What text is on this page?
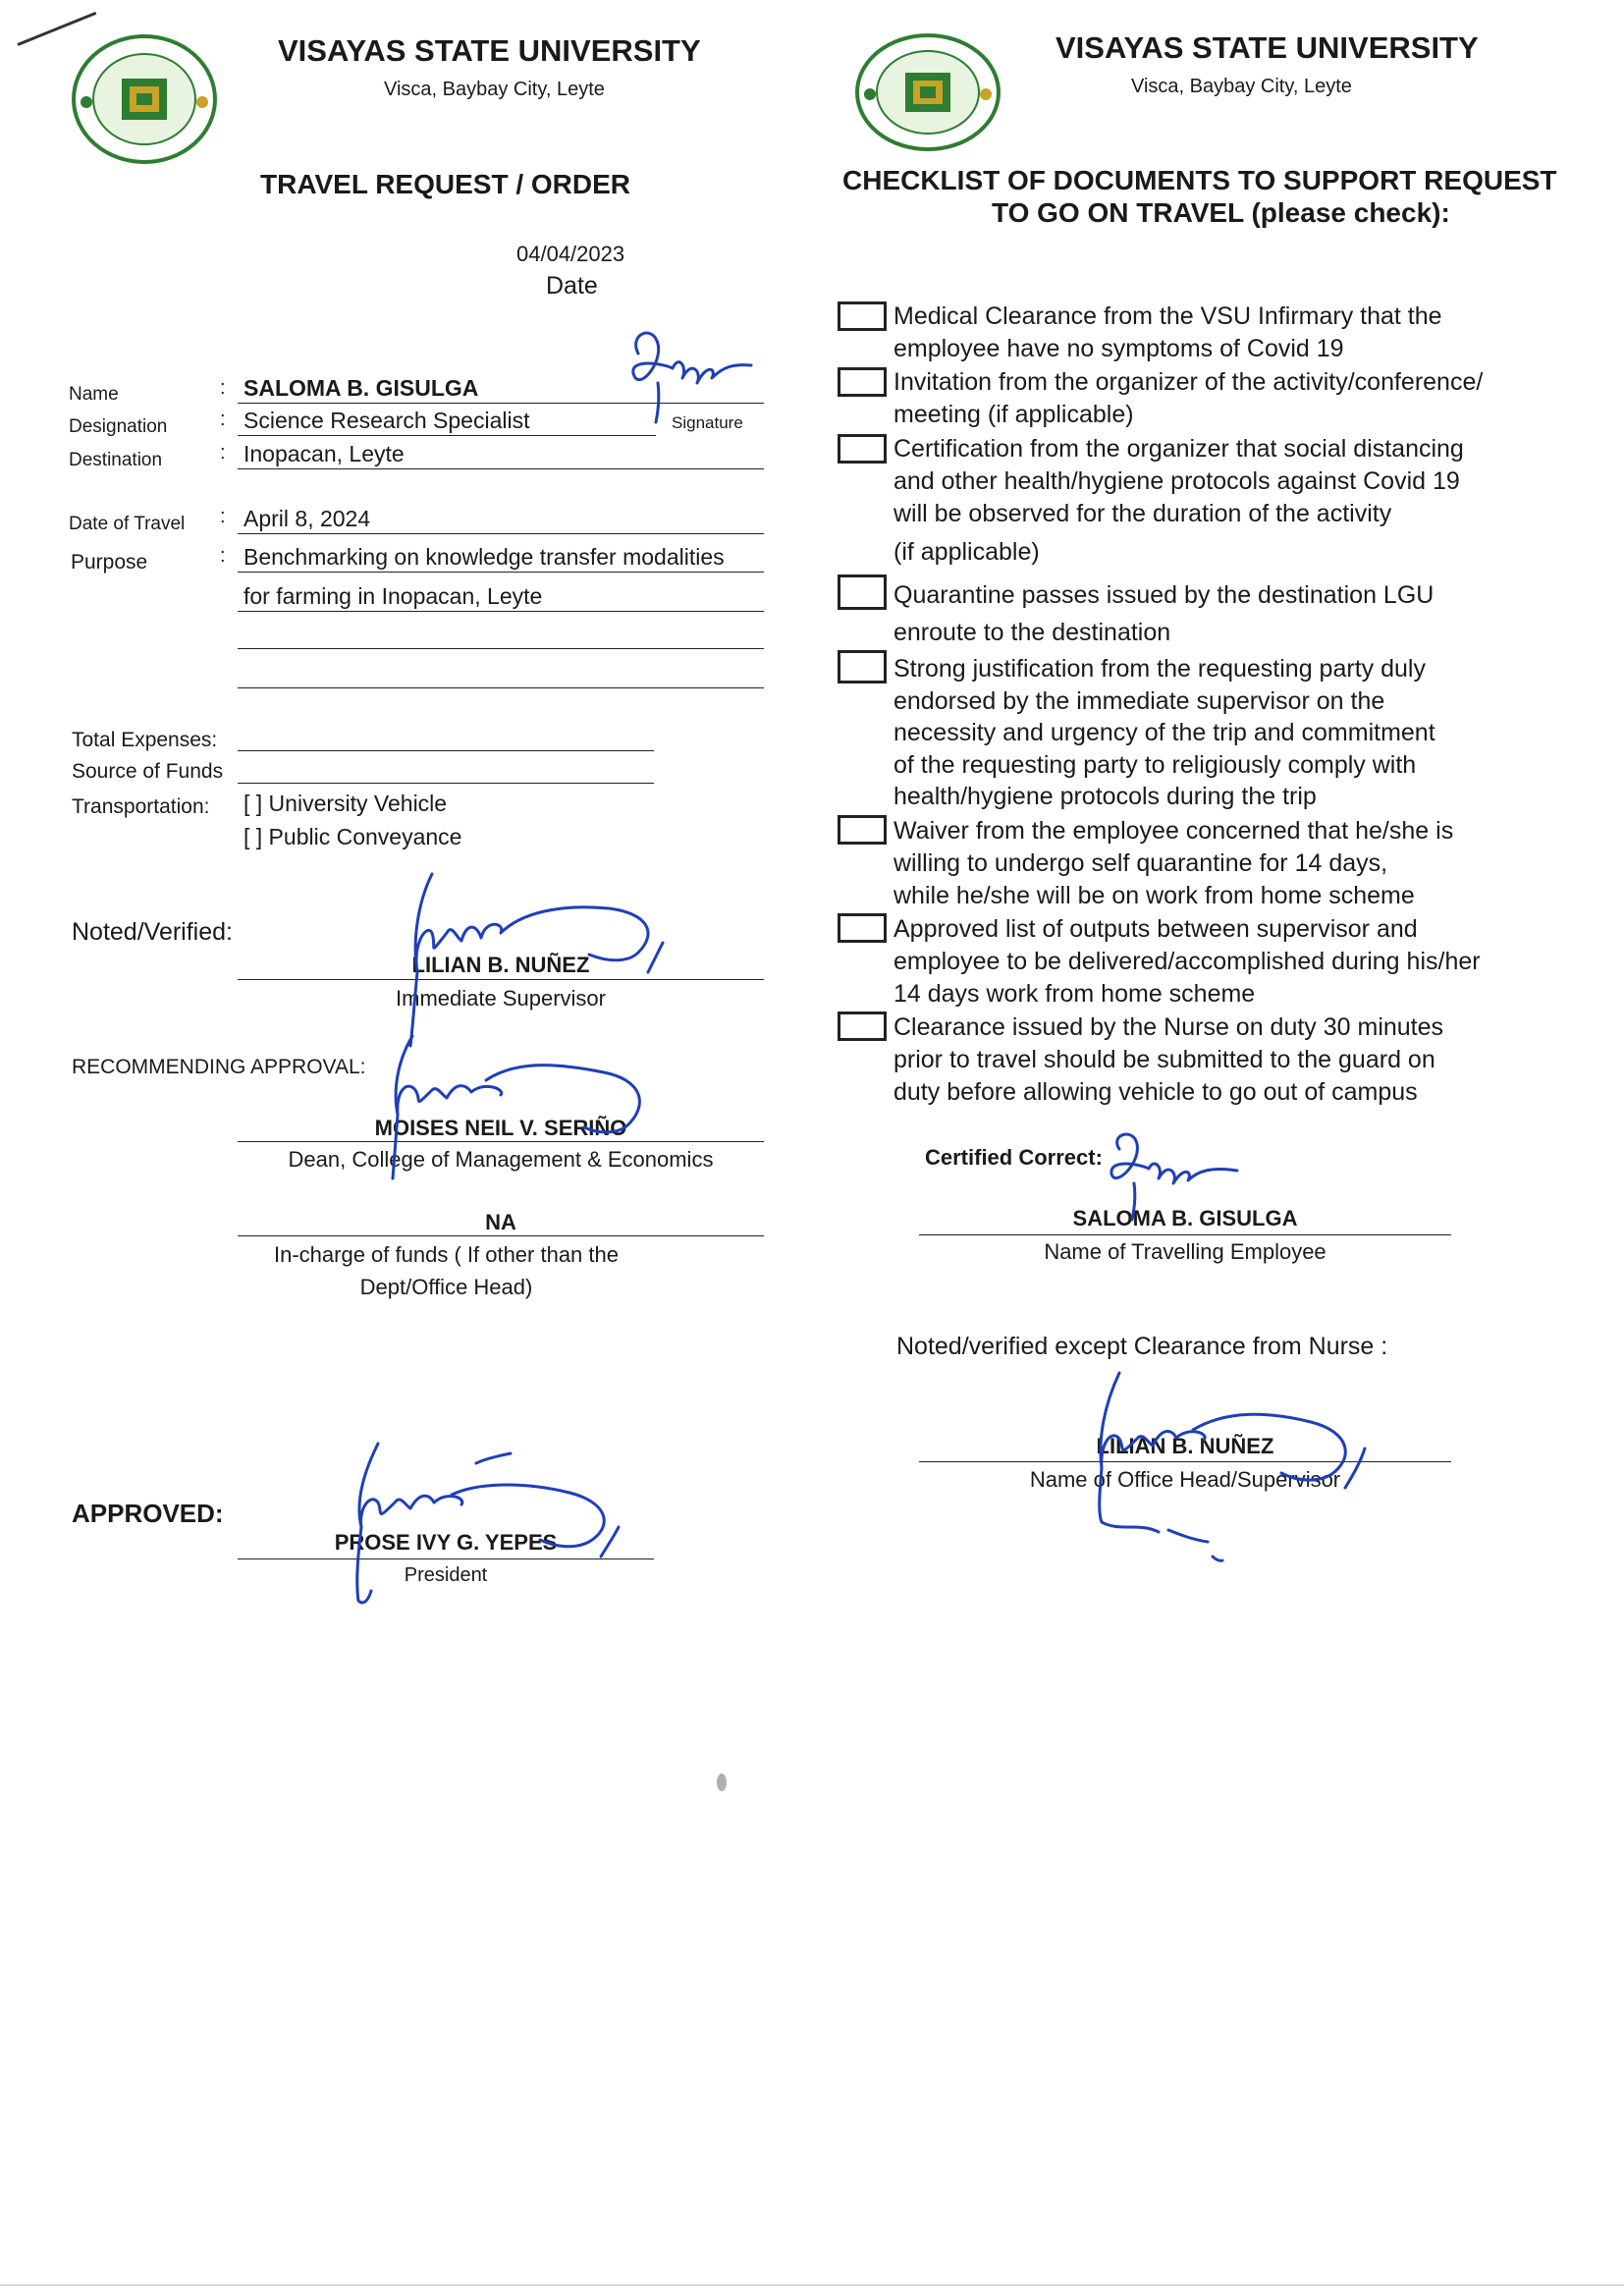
VISAYAS STATE UNIVERSITY
Visca, Baybay City, Leyte
TRAVEL REQUEST / ORDER
04/04/2023
Date
Name	: SALOMA B. GISULGA
Signature
Designation	: Science Research Specialist
Destination	: Inopacan, Leyte
Date of Travel : April 8, 2024
Purpose	: Benchmarking on knowledge transfer modalities
for farming in Inopacan, Leyte
Total Expenses:
Source of Funds
Transportation: [ ] University Vehicle
[ ] Public Conveyance
Noted/Verified:
LILIAN B. NUÑEZ
Immediate Supervisor
RECOMMENDING APPROVAL:
MOISES NEIL V. SERIÑO
Dean, College of Management & Economics
NA
In-charge of funds ( If other than the
Dept/Office Head)
APPROVED:
PROSE IVY G. YEPES
President
VISAYAS STATE UNIVERSITY
Visca, Baybay City, Leyte
CHECKLIST OF DOCUMENTS TO SUPPORT REQUEST
TO GO ON TRAVEL (please check):
Medical Clearance from the VSU Infirmary that the
employee have no symptoms of Covid 19
Invitation from the organizer of the activity/conference/
meeting (if applicable)
Certification from the organizer that social distancing
and other health/hygiene protocols against Covid 19
will be observed for the duration of the activity
(if applicable)
Quarantine passes issued by the destination LGU
enroute to the destination
Strong justification from the requesting party duly
endorsed by the immediate supervisor on the
necessity and urgency of the trip and commitment
of the requesting party to religiously comply with
health/hygiene protocols during the trip
Waiver from the employee concerned that he/she is
willing to undergo self quarantine for 14 days,
while he/she will be on work from home scheme
Approved list of outputs between supervisor and
employee to be delivered/accomplished during his/her
14 days work from home scheme
Clearance issued by the Nurse on duty 30 minutes
prior to travel should be submitted to the guard on
duty before allowing vehicle to go out of campus
Certified Correct:
SALOMA B. GISULGA
Name of Travelling Employee
Noted/verified except Clearance from Nurse :
LILIAN B. NUÑEZ
Name of Office Head/Supervisor
